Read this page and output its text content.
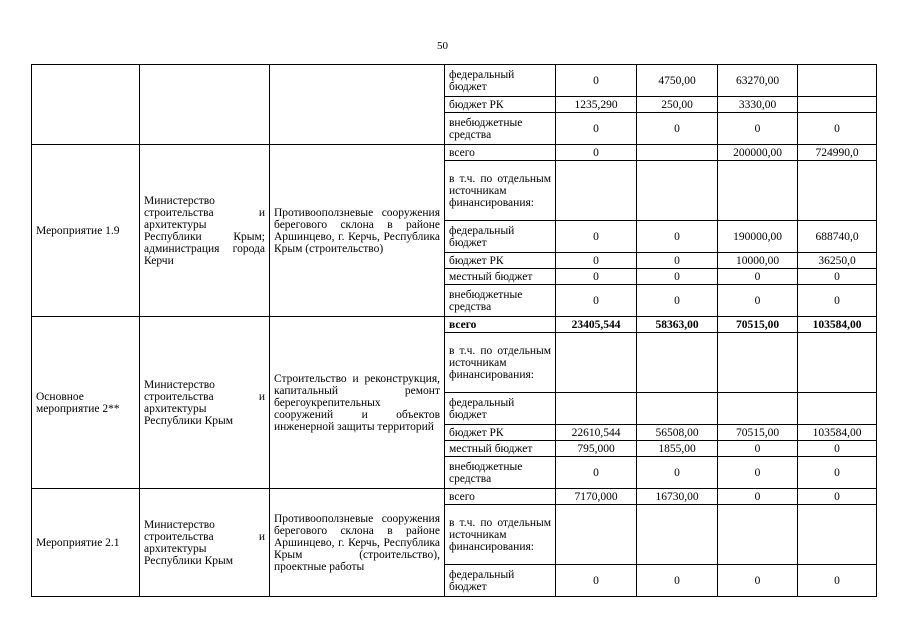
50
			федеральный бюджет	0	4750,00	63270,00	
			бюджет РК	1235,290	250,00	3330,00	
			внебюджетные средства	0	0	0	0
Мероприятие 1.9	Министерство строительства и архитектуры Республики Крым; администрация города Керчи	Противооползневые сооружения берегового склона в районе Аршинцево, г. Керчь, Республика Крым (строительство)	всего	0		200000,00	724990,0
			в т.ч. по отдельным источникам финансирования:				
			федеральный бюджет	0	0	190000,00	688740,0
			бюджет РК	0	0	10000,00	36250,0
			местный бюджет	0	0	0	0
			внебюджетные средства	0	0	0	0
Основное мероприятие 2**	Министерство строительства и архитектуры Республики Крым	Строительство и реконструкция, капитальный ремонт берегоукрепительных сооружений и объектов инженерной защиты территорий	всего	23405,544	58363,00	70515,00	103584,00
			в т.ч. по отдельным источникам финансирования:				
			федеральный бюджет				
			бюджет РК	22610,544	56508,00	70515,00	103584,00
			местный бюджет	795,000	1855,00	0	0
			внебюджетные средства	0	0	0	0
Мероприятие 2.1	Министерство строительства и архитектуры Республики Крым	Противооползневые сооружения берегового склона в районе Аршинцево, г. Керчь, Республика Крым (строительство), проектные работы	всего	7170,000	16730,00	0	0
			в т.ч. по отдельным источникам финансирования:				
			федеральный бюджет	0	0	0	0
